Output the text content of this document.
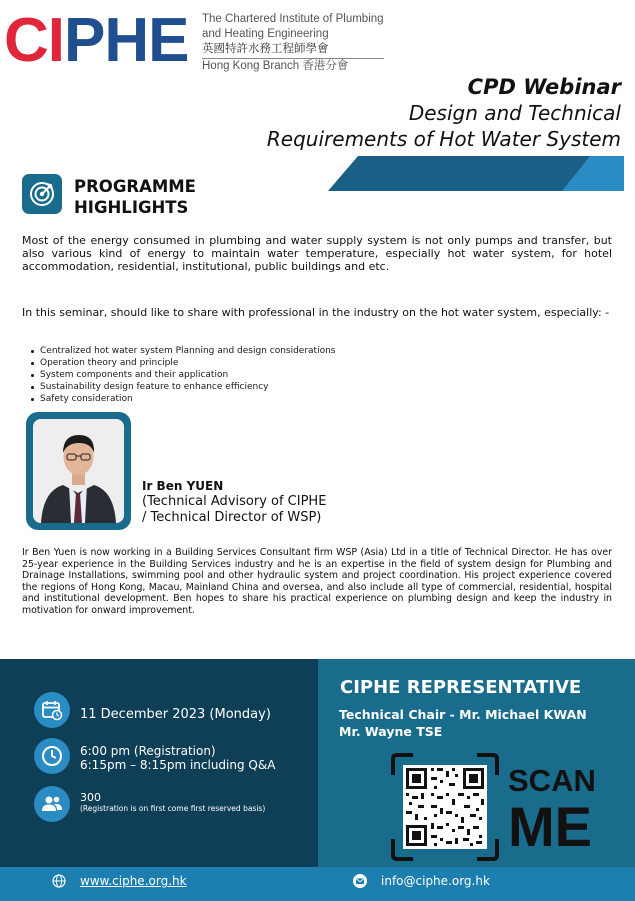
CIPHE The Chartered Institute of Plumbing
and Heating Engineering
英國特許水務工程師學會
Hong Kong Branch 香港分會
CPD Webinar
Design and Technical
Requirements of Hot Water System
PROGRAMME
HIGHLIGHTS
Most of the energy consumed in plumbing and water supply system is not only pumps and transfer, but also various kind of energy to maintain water temperature, especially hot water system, for hotel accommodation, residential, institutional, public buildings and etc.
In this seminar, should like to share with professional in the industry on the hot water system, especially: -
Centralized hot water system Planning and design considerations
Operation theory and principle
System components and their application
Sustainability design feature to enhance efficiency
Safety consideration
Ir Ben YUEN
(Technical Advisory of CIPHE
/ Technical Director of WSP)
Ir Ben Yuen is now working in a Building Services Consultant firm WSP (Asia) Ltd in a title of Technical Director. He has over 25-year experience in the Building Services industry and he is an expertise in the field of system design for Plumbing and Drainage Installations, swimming pool and other hydraulic system and project coordination. His project experience covered the regions of Hong Kong, Macau, Mainland China and oversea, and also include all type of commercial, residential, hospital and institutional development. Ben hopes to share his practical experience on plumbing design and keep the industry in motivation for onward improvement.
11 December 2023 (Monday)
6:00 pm (Registration)
6:15pm – 8:15pm including Q&A
300
(Registration is on first come first reserved basis)
CIPHE REPRESENTATIVE
Technical Chair - Mr. Michael KWAN
Mr. Wayne TSE
SCAN
ME
www.ciphe.org.hk	info@ciphe.org.hk
